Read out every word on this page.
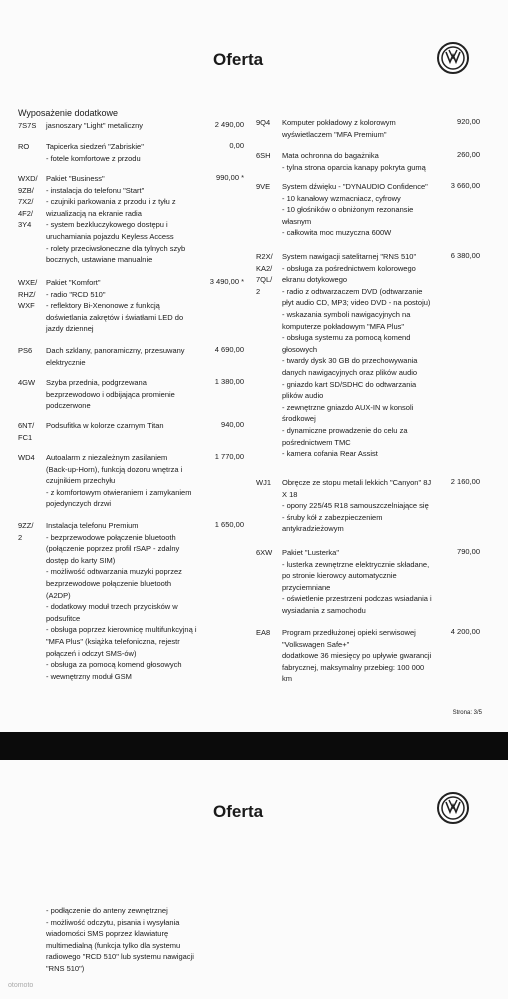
Oferta
Wyposażenie dodatkowe
7S7S jasnoszary "Light" metaliczny	2 490,00
RO Tapicerka siedzeń "Zabriskie"
- fotele komfortowe z przodu
0,00
WXD/
9ZB/
7X2/
4F2/
3Y4
Pakiet "Business"
- instalacja do telefonu "Start"
- czujniki parkowania z przodu i z tyłu z
wizualizacją na ekranie radia
- system bezkluczykowego dostępu i
uruchamiania pojazdu Keyless Access
- rolety przeciwsłoneczne dla tylnych szyb
bocznych, ustawiane manualnie
990,00 *
WXE/
RHZ/
WXF
Pakiet "Komfort"
- radio "RCD 510"
- reflektory Bi-Xenonowe z funkcją
doświetlania zakrętów i światłami LED do
jazdy dziennej
3 490,00 *
PS6 Dach szklany, panoramiczny, przesuwany
elektrycznie
4 690,00
4GW Szyba przednia, podgrzewana
bezprzewodowo i odbijająca promienie
podczerwone
1 380,00
6NT/
FC1
Podsufitka w kolorze czarnym Titan	940,00
WD4 Autoalarm z niezależnym zasilaniem
(Back-up-Horn), funkcją dozoru wnętrza i
czujnikiem przechyłu
- z komfortowym otwieraniem i zamykaniem
pojedynczych drzwi
1 770,00
9ZZ/
2
Instalacja telefonu Premium
- bezprzewodowe połączenie bluetooth
(połączenie poprzez profil rSAP - zdalny
dostęp do karty SIM)
- możliwość odtwarzania muzyki poprzez
bezprzewodowe połączenie bluetooth
(A2DP)
- dodatkowy moduł trzech przycisków w
podsufitce
- obsługa poprzez kierownicę multifunkcyjną i
"MFA Plus" (książka telefoniczna, rejestr
połączeń i odczyt SMS-ów)
- obsługa za pomocą komend głosowych
- wewnętrzny moduł GSM
1 650,00
9Q4 Komputer pokładowy z kolorowym
wyświetlaczem "MFA Premium"
920,00
6SH Mata ochronna do bagażnika
- tylna strona oparcia kanapy pokryta gumą
260,00
9VE System dźwięku - "DYNAUDIO Confidence"
- 10 kanałowy wzmacniacz, cyfrowy
- 10 głośników o obniżonym rezonansie
własnym
- całkowita moc muzyczna 600W
3 660,00
R2X/
KA2/
7QL/
2
System nawigacji satelitarnej "RNS 510"
- obsługa za pośrednictwem kolorowego
ekranu dotykowego
- radio z odtwarzaczem DVD (odtwarzanie
płyt audio CD, MP3; video DVD - na postoju)
- wskazania symboli nawigacyjnych na
komputerze pokładowym "MFA Plus"
- obsługa systemu za pomocą komend
głosowych
- twardy dysk 30 GB do przechowywania
danych nawigacyjnych oraz plików audio
- gniazdo kart SD/SDHC do odtwarzania
plików audio
- zewnętrzne gniazdo AUX-IN w konsoli
środkowej
- dynamiczne prowadzenie do celu za
pośrednictwem TMC
- kamera cofania Rear Assist
6 380,00
WJ1 Obręcze ze stopu metali lekkich "Canyon" 8J
X 18
- opony 225/45 R18 samouszczelniające się
- śruby kół z zabezpieczeniem
antykradzieżowym
2 160,00
6XW Pakiet "Lusterka"
- lusterka zewnętrzne elektrycznie składane,
po stronie kierowcy automatycznie
przyciemniane
- oświetlenie przestrzeni podczas wsiadania i
wysiadania z samochodu
790,00
EA8 Program przedłużonej opieki serwisowej
"Volkswagen Safe+"
dodatkowe 36 miesięcy po upływie gwarancji
fabrycznej, maksymalny przebieg: 100 000
km
4 200,00
Strona: 3/5
Oferta
- podłączenie do anteny zewnętrznej
- możliwość odczytu, pisania i wysyłania
wiadomości SMS poprzez klawiaturę
multimedialną (funkcja tylko dla systemu
radiowego "RCD 510" lub systemu nawigacji
"RNS 510")
otomoto
